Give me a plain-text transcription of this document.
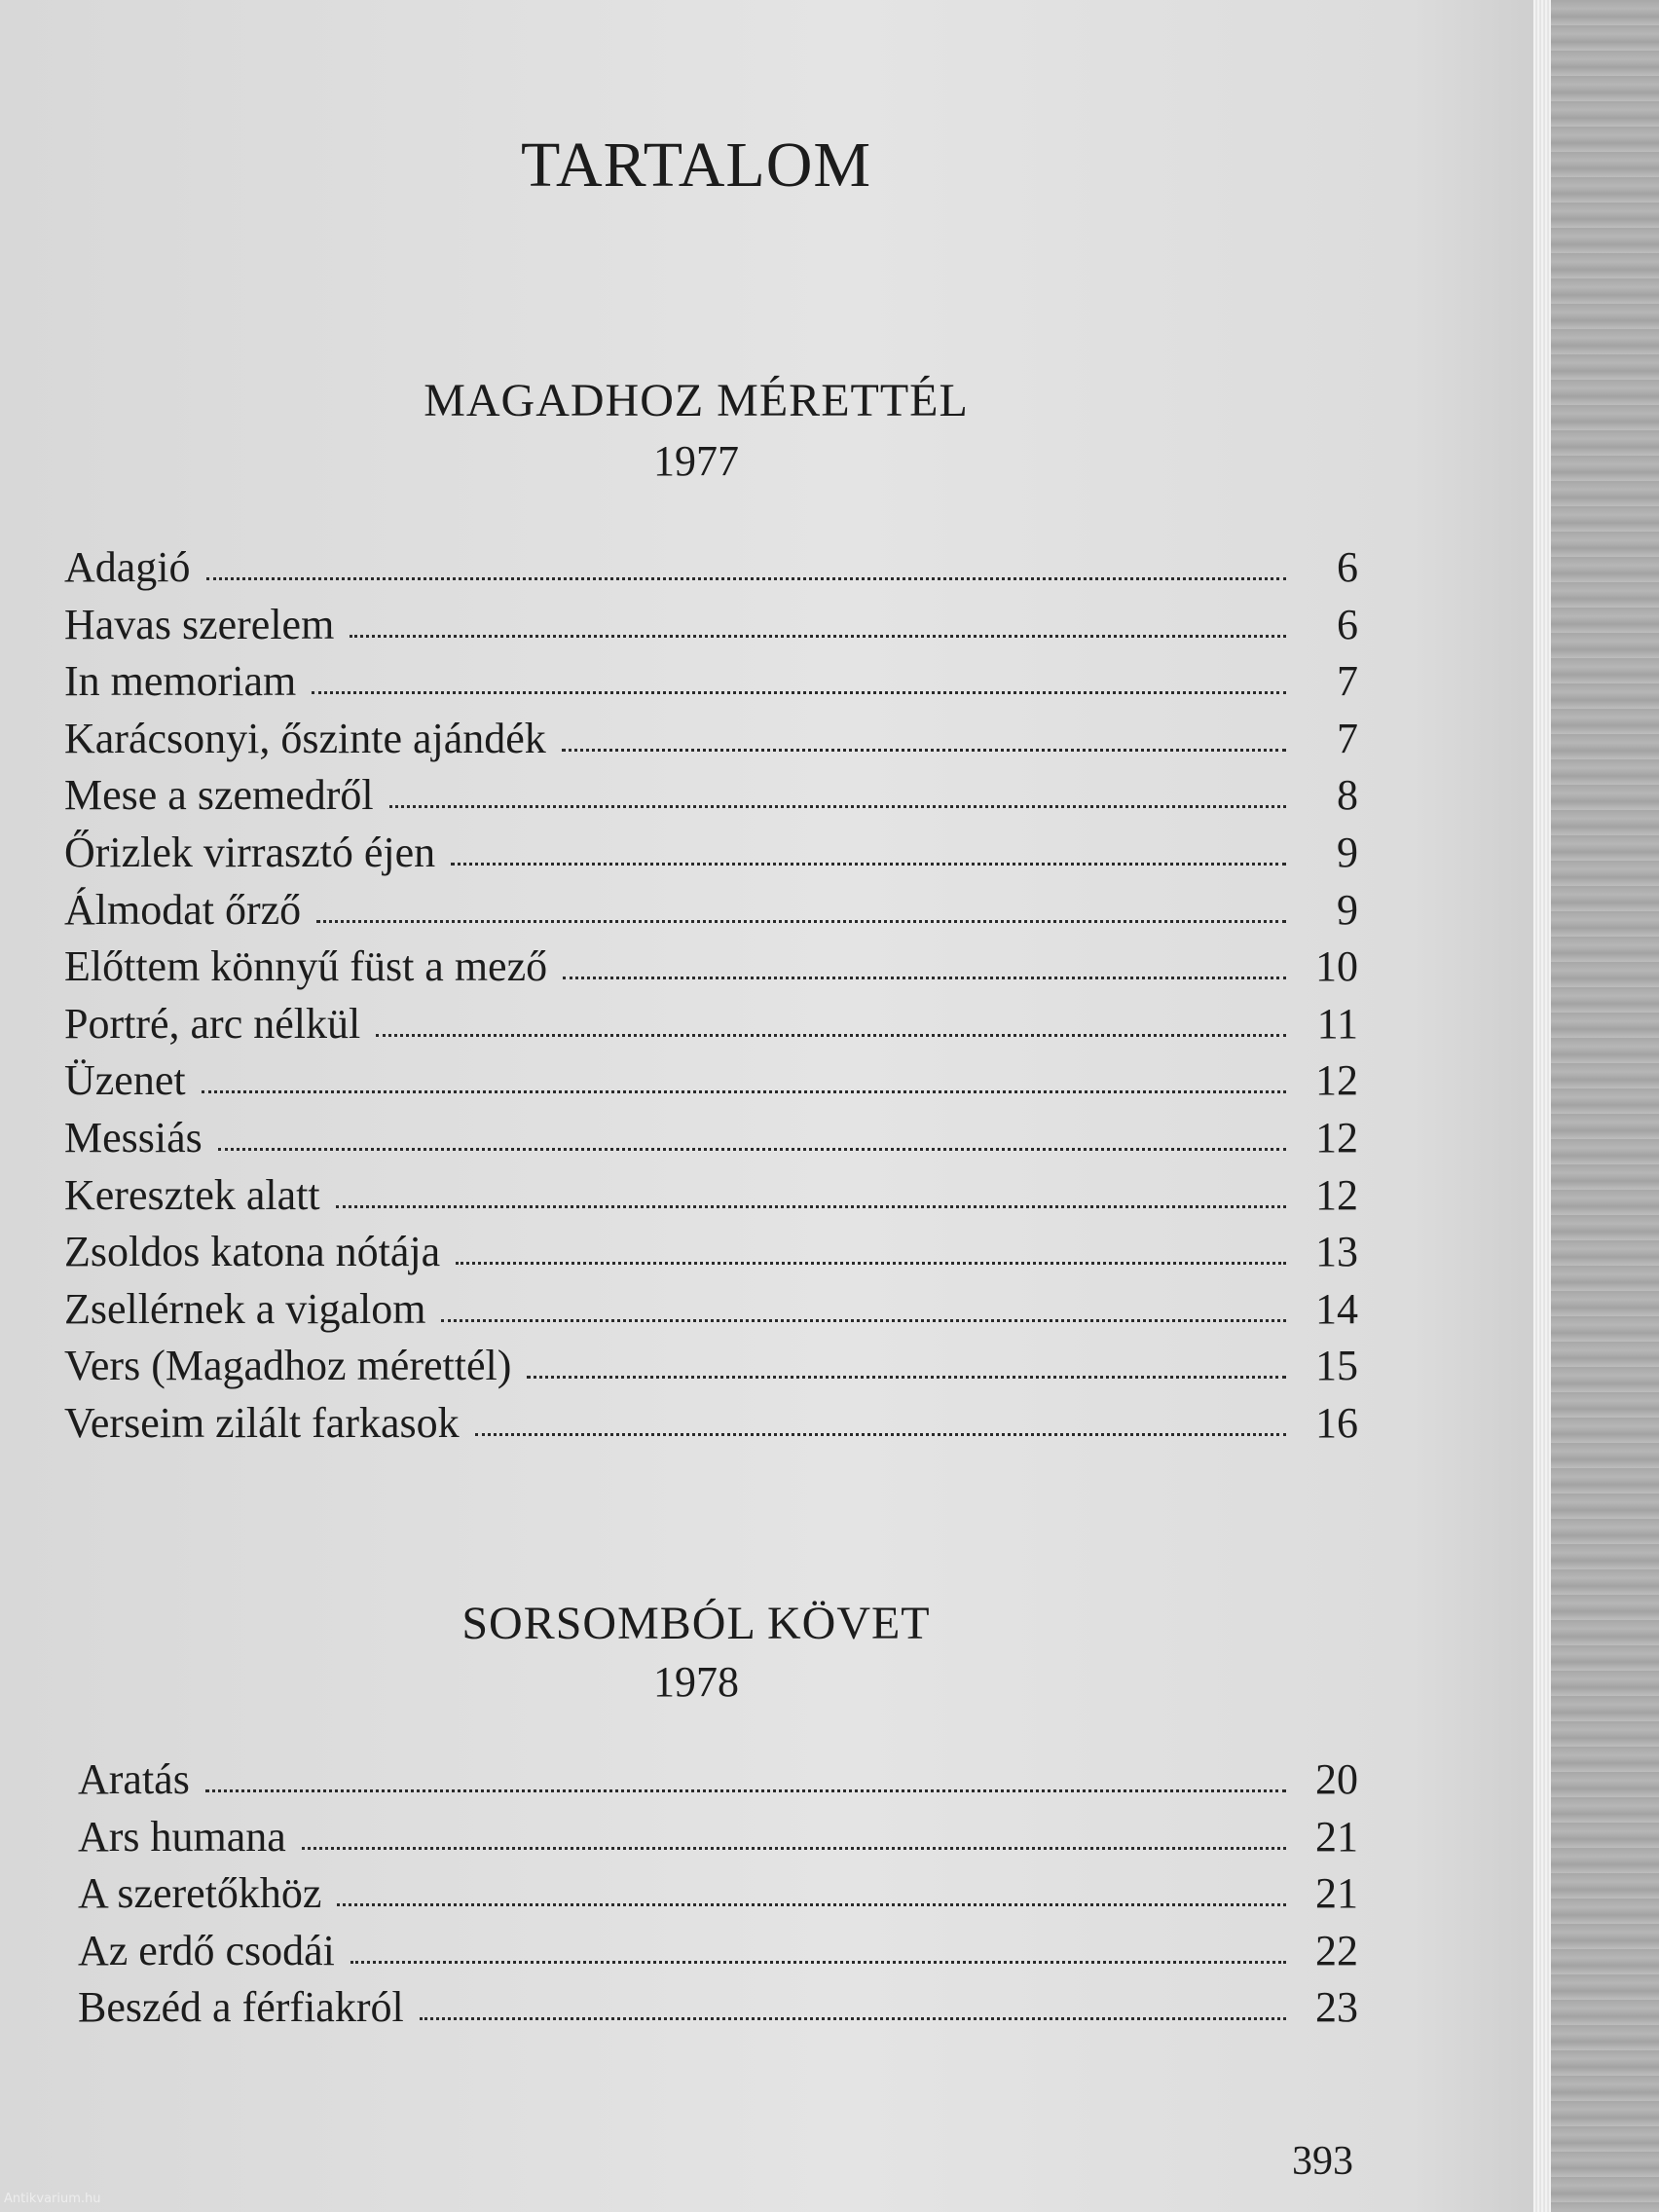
TARTALOM
MAGADHOZ MÉRETTÉL
1977
Adagió	6
Havas szerelem	6
In memoriam	7
Karácsonyi, őszinte ajándék	7
Mese a szemedről	8
Őrizlek virrasztó éjen	9
Álmodat őrző	9
Előttem könnyű füst a mező	10
Portré, arc nélkül	11
Üzenet	12
Messiás	12
Keresztek alatt	12
Zsoldos katona nótája	13
Zsellérnek a vigalom	14
Vers (Magadhoz mérettél)	15
Verseim zilált farkasok	16
SORSOMBÓL KÖVET
1978
Aratás	20
Ars humana	21
A szeretőkhöz	21
Az erdő csodái	22
Beszéd a férfiakról	23
393
Antikvarium.hu
